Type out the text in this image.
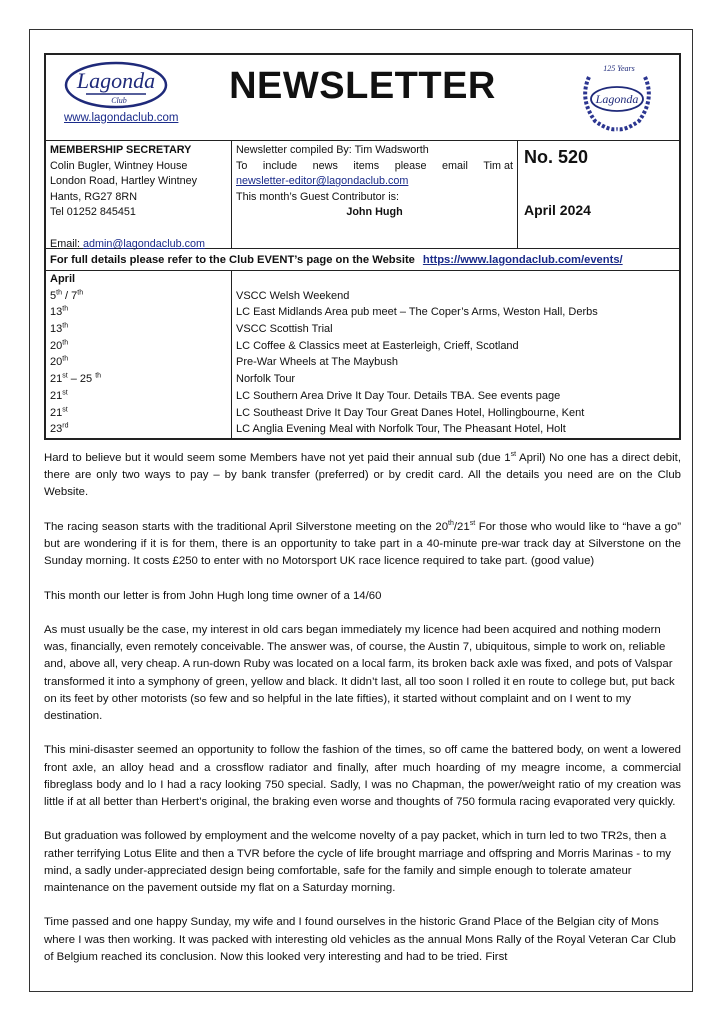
Lagonda
Club
www.lagondaclub.com
NEWSLETTER	125 Years
Lagonda
MEMBERSHIP SECRETARY
Colin Bugler, Wintney House
London Road, Hartley Wintney
Hants, RG27 8RN
Tel 01252 845451
Email: admin@lagondaclub.com
Newsletter compiled By: Tim Wadsworth
To include news items please email Tim at
newsletter-editor@lagondaclub.com
This month’s Guest Contributor is:
John Hugh
No. 520
April 2024
For full details please refer to the Club EVENT’s page on the Website https://www.lagondaclub.com/events/
April
5th / 7th	VSCC Welsh Weekend
13th	LC East Midlands Area pub meet – The Coper’s Arms, Weston Hall, Derbs
13th	VSCC Scottish Trial
20th	LC Coffee & Classics meet at Easterleigh, Crieff, Scotland
20th	Pre-War Wheels at The Maybush
21st – 25 $^{th}$	Norfolk Tour
21st	LC Southern Area Drive It Day Tour. Details TBA. See events page
21st	LC Southeast Drive It Day Tour Great Danes Hotel, Hollingbourne, Kent
23rd	LC Anglia Evening Meal with Norfolk Tour, The Pheasant Hotel, Holt

Hard to believe but it would seem some Members have not yet paid their annual sub (due 1st April) No one has a direct debit, there are only two ways to pay – by bank transfer (preferred) or by credit card. All the details you need are on the Club Website.

The racing season starts with the traditional April Silverstone meeting on the 20th/21st For those who would like to “have a go” but are wondering if it is for them, there is an opportunity to take part in a 40-minute pre-war track day at Silverstone on the Sunday morning. It costs £250 to enter with no Motorsport UK race licence required to take part. (good value)

This month our letter is from John Hugh long time owner of a 14/60

As must usually be the case, my interest in old cars began immediately my licence had been acquired and nothing modern was, financially, even remotely conceivable. The answer was, of course, the Austin 7, ubiquitous, simple to work on, reliable and, above all, very cheap. A run-down Ruby was located on a local farm, its broken back axle was fixed, and pots of Valspar transformed it into a symphony of green, yellow and black. It didn’t last, all too soon I rolled it en route to college but, put back on its feet by other motorists (so few and so helpful in the late fifties), it started without complaint and on I went to my destination.

This mini-disaster seemed an opportunity to follow the fashion of the times, so off came the battered body, on went a lowered front axle, an alloy head and a crossflow radiator and finally, after much hoarding of my meagre income, a commercial fibreglass body and lo I had a racy looking 750 special. Sadly, I was no Chapman, the power/weight ratio of my creation was little if at all better than Herbert’s original, the braking even worse and thoughts of 750 formula racing evaporated very quickly.

But graduation was followed by employment and the welcome novelty of a pay packet, which in turn led to two TR2s, then a rather terrifying Lotus Elite and then a TVR before the cycle of life brought marriage and offspring and Morris Marinas - to my mind, a sadly under-appreciated design being comfortable, safe for the family and simple enough to tolerate amateur maintenance on the pavement outside my flat on a Saturday morning.

Time passed and one happy Sunday, my wife and I found ourselves in the historic Grand Place of the Belgian city of Mons where I was then working. It was packed with interesting old vehicles as the annual Mons Rally of the Royal Veteran Car Club of Belgium reached its conclusion. Now this looked very interesting and had to be tried. First
